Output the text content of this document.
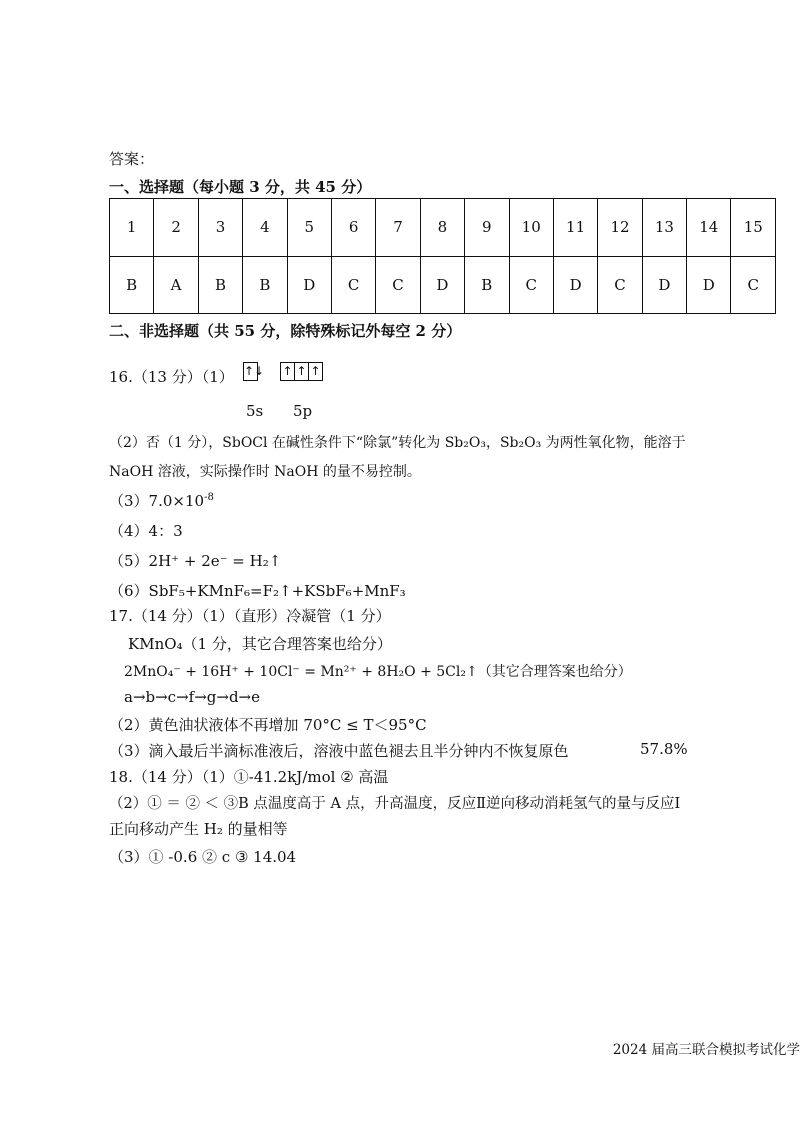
答案：
一、选择题（每小题 3 分，共 45 分）
1	2	3	4	5	6	7	8	9	10	11	12	13	14	15
B	A	B	B	D	C	C	D	B	C	D	C	D	D	C
二、非选择题（共 55 分，除特殊标记外每空 2 分）
16.（13 分）（1） ↑↓ ↑ ↑ ↑
5s 5p
（2）否（1 分），SbOCl 在碱性条件下“除氯”转化为 Sb₂O₃，Sb₂O₃ 为两性氧化物，能溶于
NaOH 溶液，实际操作时 NaOH 的量不易控制。
$(3)7.0\times 10^{-8}$
（4）4：3
（5）2H⁺ + 2e⁻ = H₂↑
（6）SbF₅+KMnF₆=F₂↑+KSbF₆+MnF₃
17.（14 分）（1）（直形）冷凝管（1 分）
KMnO₄（1 分，其它合理答案也给分）
2MnO₄⁻ + 16H⁺ + 10Cl⁻ = Mn²⁺ + 8H₂O + 5Cl₂↑（其它合理答案也给分）
a→b→c→f→g→d→e
（2）黄色油状液体不再增加 70°C ≤ T＜95°C
（3）滴入最后半滴标准液后，溶液中蓝色褪去且半分钟内不恢复原色	57.8%
18.（14 分）（1）①-41.2kJ/mol ② 高温
（2）① ＝ ② ＜ ③B 点温度高于 A 点，升高温度，反应Ⅱ逆向移动消耗氢气的量与反应Ⅰ
正向移动产生 H₂ 的量相等
（3）① -0.6 ② c ③ 14.04
2024 届高三联合模拟考试化学
